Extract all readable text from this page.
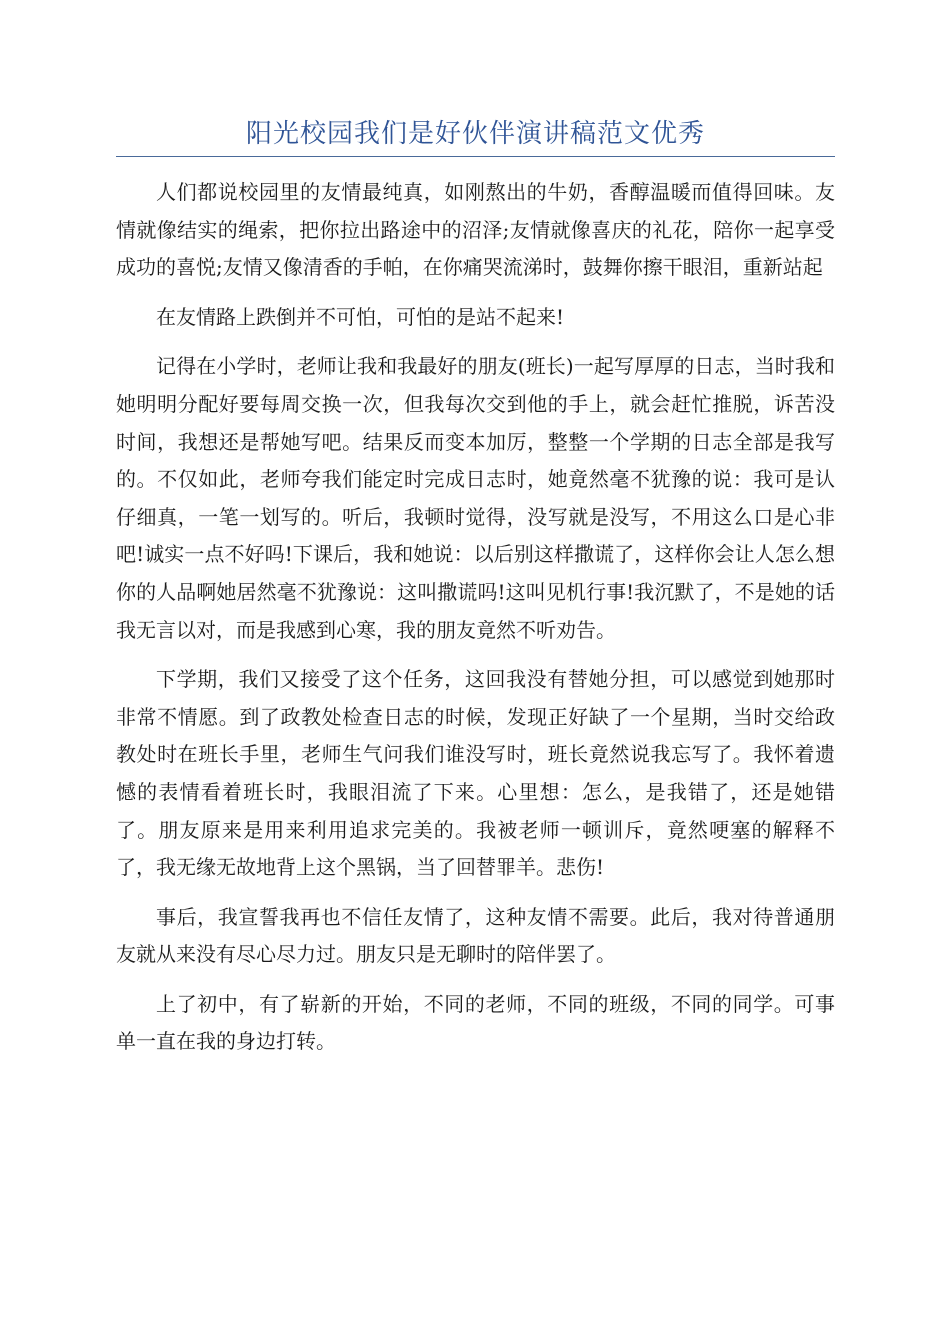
阳光校园我们是好伙伴演讲稿范文优秀

人们都说校园里的友情最纯真，如刚熬出的牛奶，香醇温暖而值得回味。友情就像结实的绳索，把你拉出路途中的沼泽;友情就像喜庆的礼花，陪你一起享受成功的喜悦;友情又像清香的手帕，在你痛哭流涕时，鼓舞你擦干眼泪，重新站起

在友情路上跌倒并不可怕，可怕的是站不起来!

记得在小学时，老师让我和我最好的朋友(班长)一起写厚厚的日志，当时我和她明明分配好要每周交换一次，但我每次交到他的手上，就会赶忙推脱，诉苦没时间，我想还是帮她写吧。结果反而变本加厉，整整一个学期的日志全部是我写的。不仅如此，老师夸我们能定时完成日志时，她竟然毫不犹豫的说：我可是认仔细真，一笔一划写的。听后，我顿时觉得，没写就是没写，不用这么口是心非吧!诚实一点不好吗!下课后，我和她说：以后别这样撒谎了，这样你会让人怎么想你的人品啊她居然毫不犹豫说：这叫撒谎吗!这叫见机行事!我沉默了，不是她的话我无言以对，而是我感到心寒，我的朋友竟然不听劝告。

下学期，我们又接受了这个任务，这回我没有替她分担，可以感觉到她那时非常不情愿。到了政教处检查日志的时候，发现正好缺了一个星期，当时交给政教处时在班长手里，老师生气问我们谁没写时，班长竟然说我忘写了。我怀着遗憾的表情看着班长时，我眼泪流了下来。心里想：怎么，是我错了，还是她错了。朋友原来是用来利用追求完美的。我被老师一顿训斥，竟然哽塞的解释不了，我无缘无故地背上这个黑锅，当了回替罪羊。悲伤!

事后，我宣誓我再也不信任友情了，这种友情不需要。此后，我对待普通朋友就从来没有尽心尽力过。朋友只是无聊时的陪伴罢了。

上了初中，有了崭新的开始，不同的老师，不同的班级，不同的同学。可事单一直在我的身边打转。
